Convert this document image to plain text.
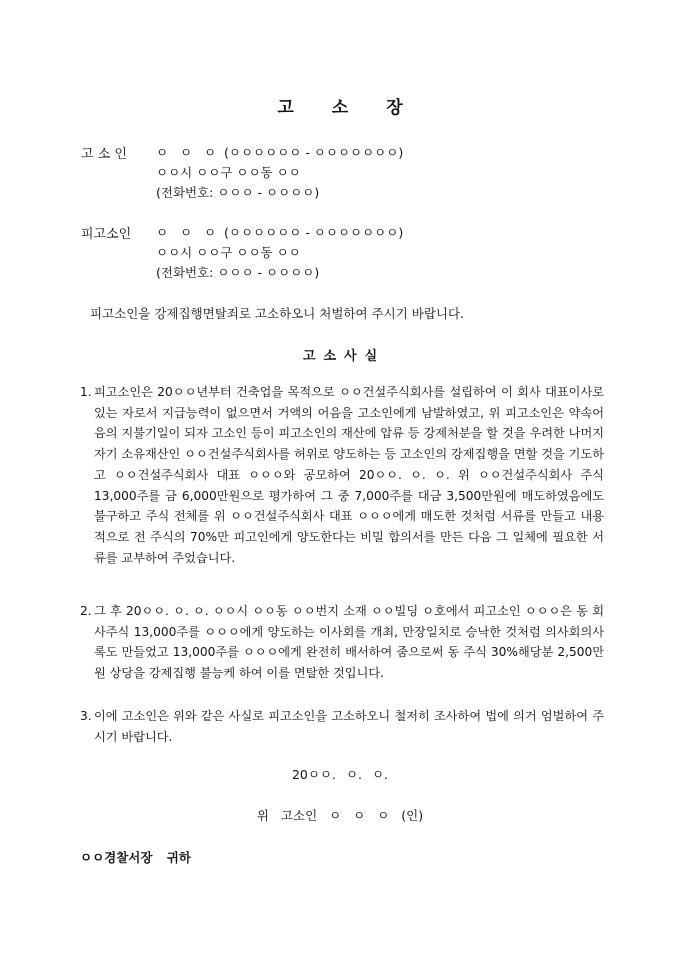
고 소 장
고 소 인 ㅇ   ㅇ   ㅇ  (ㅇㅇㅇㅇㅇㅇ - ㅇㅇㅇㅇㅇㅇㅇ)
ㅇㅇ시 ㅇㅇ구 ㅇㅇ동 ㅇㅇ
(전화번호: ㅇㅇㅇ - ㅇㅇㅇㅇ)
피고소인 ㅇ   ㅇ   ㅇ  (ㅇㅇㅇㅇㅇㅇ - ㅇㅇㅇㅇㅇㅇㅇ)
ㅇㅇ시 ㅇㅇ구 ㅇㅇ동 ㅇㅇ
(전화번호: ㅇㅇㅇ - ㅇㅇㅇㅇ)
피고소인을 강제집행면탈죄로 고소하오니 처벌하여 주시기 바랍니다.
고 소 사 실
1. 피고소인은 20ㅇㅇ년부터 건축업을 목적으로 ㅇㅇ건설주식회사를 설립하여 이 회사 대표이사로 있는 자로서 지급능력이 없으면서 거액의 어음을 고소인에게 남발하였고, 위 피고소인은 약속어음의 지불기일이 되자 고소인 등이 피고소인의 재산에 압류 등 강제처분을 할 것을 우려한 나머지 자기 소유재산인 ㅇㅇ건설주식회사를 허위로 양도하는 등 고소인의 강제집행을 면할 것을 기도하고 ㅇㅇ건설주식회사 대표 ㅇㅇㅇ와 공모하여 20ㅇㅇ. ㅇ. ㅇ. 위 ㅇㅇ건설주식회사 주식 13,000주를 금 6,000만원으로 평가하여 그 중 7,000주를 대금 3,500만원에 매도하였음에도 불구하고 주식 전체를 위 ㅇㅇ건설주식회사 대표 ㅇㅇㅇ에게 매도한 것처럼 서류를 만들고 내용적으로 전 주식의 70%만 피고인에게 양도한다는 비밀 합의서를 만든 다음 그 일체에 필요한 서류를 교부하여 주었습니다.
2. 그 후 20ㅇㅇ. ㅇ. ㅇ. ㅇㅇ시 ㅇㅇ동 ㅇㅇ번지 소재 ㅇㅇ빌딩 ㅇ호에서 피고소인 ㅇㅇㅇ은 동 회사주식 13,000주를 ㅇㅇㅇ에게 양도하는 이사회를 개최, 만장일치로 승낙한 것처럼 의사회의사록도 만들었고 13,000주를 ㅇㅇㅇ에게 완전히 배서하여 줌으로써 동 주식 30%해당분 2,500만원 상당을 강제집행 불능케 하여 이를 면탈한 것입니다.
3. 이에 고소인은 위와 같은 사실로 피고소인을 고소하오니 철저히 조사하여 법에 의거 엄벌하여 주시기 바랍니다.
20ㅇㅇ. ㅇ. ㅇ.
위 고소인 ㅇ ㅇ ㅇ (인)
ㅇㅇ경찰서장 귀하
